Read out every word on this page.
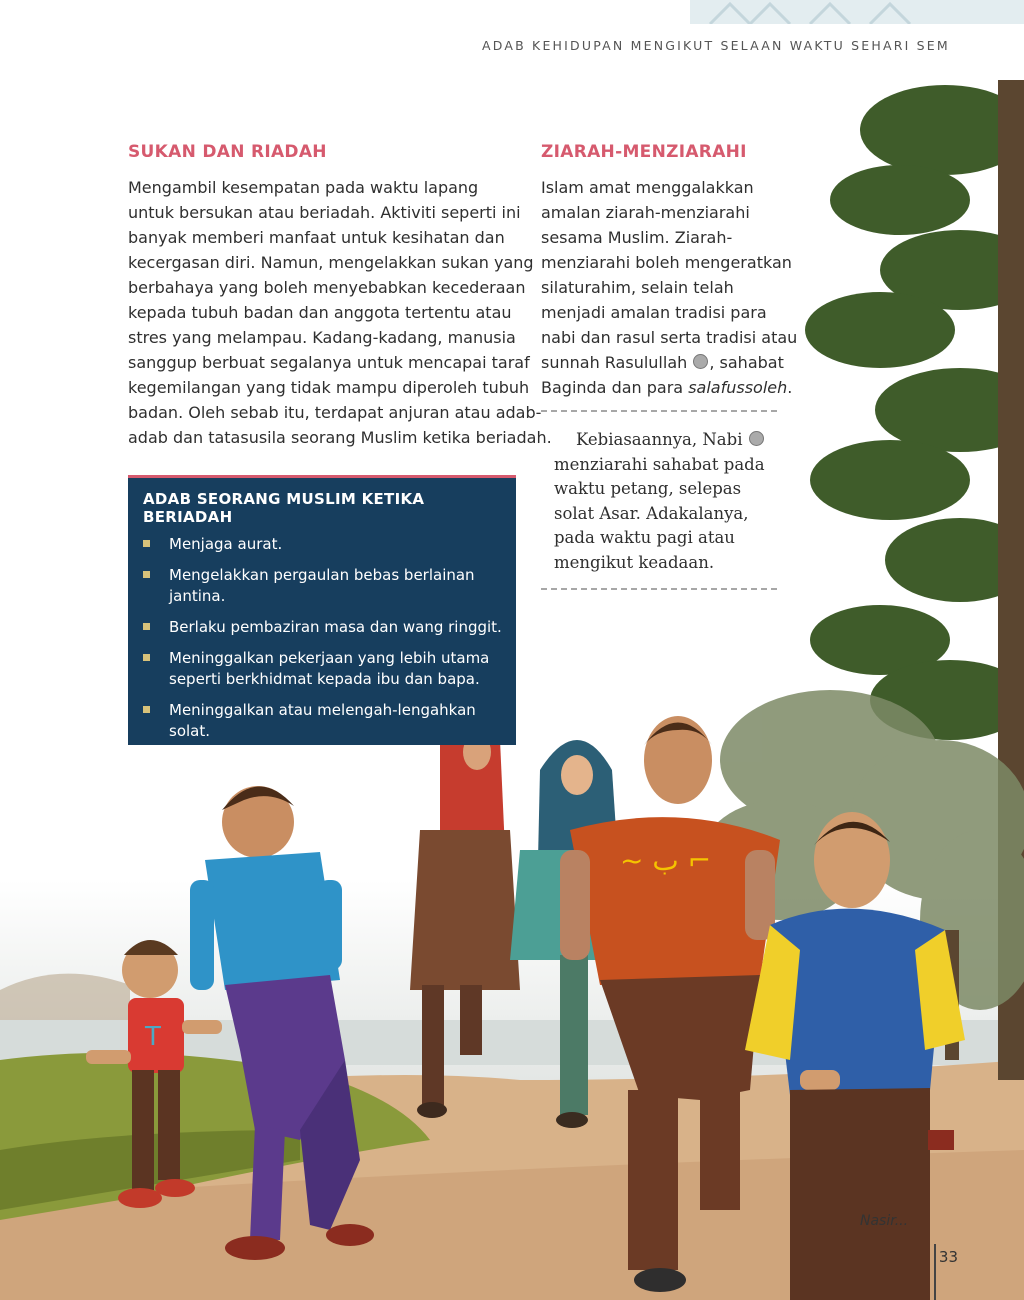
ADAB KEHIDUPAN MENGIKUT SELAAN WAKTU SEHARI SEM
T
~ ب ⌐
Nasir...
SUKAN DAN RIADAH
Mengambil kesempatan pada waktu lapang
untuk bersukan atau beriadah. Aktiviti seperti ini
banyak memberi manfaat untuk kesihatan dan
kecergasan diri. Namun, mengelakkan sukan yang
berbahaya yang boleh menyebabkan kecederaan
kepada tubuh badan dan anggota tertentu atau
stres yang melampau. Kadang-kadang, manusia
sanggup berbuat segalanya untuk mencapai taraf
kegemilangan yang tidak mampu diperoleh tubuh
badan. Oleh sebab itu, terdapat anjuran atau adab-
adab dan tatasusila seorang Muslim ketika beriadah.
ADAB SEORANG MUSLIM KETIKA BERIADAH
Menjaga aurat.
Mengelakkan pergaulan bebas berlainan jantina.
Berlaku pembaziran masa dan wang ringgit.
Meninggalkan pekerjaan yang lebih utama seperti berkhidmat kepada ibu dan bapa.
Meninggalkan atau melengah-lengahkan solat.
ZIARAH-MENZIARAHI
Islam amat menggalakkan
amalan ziarah-menziarahi
sesama Muslim. Ziarah-
menziarahi boleh mengeratkan
silaturahim, selain telah
menjadi amalan tradisi para
nabi dan rasul serta tradisi atau
sunnah Rasulullah , sahabat
Baginda dan para salafussoleh.
Kebiasaannya, Nabi
menziarahi sahabat pada
waktu petang, selepas
solat Asar. Adakalanya,
pada waktu pagi atau
mengikut keadaan.
33
